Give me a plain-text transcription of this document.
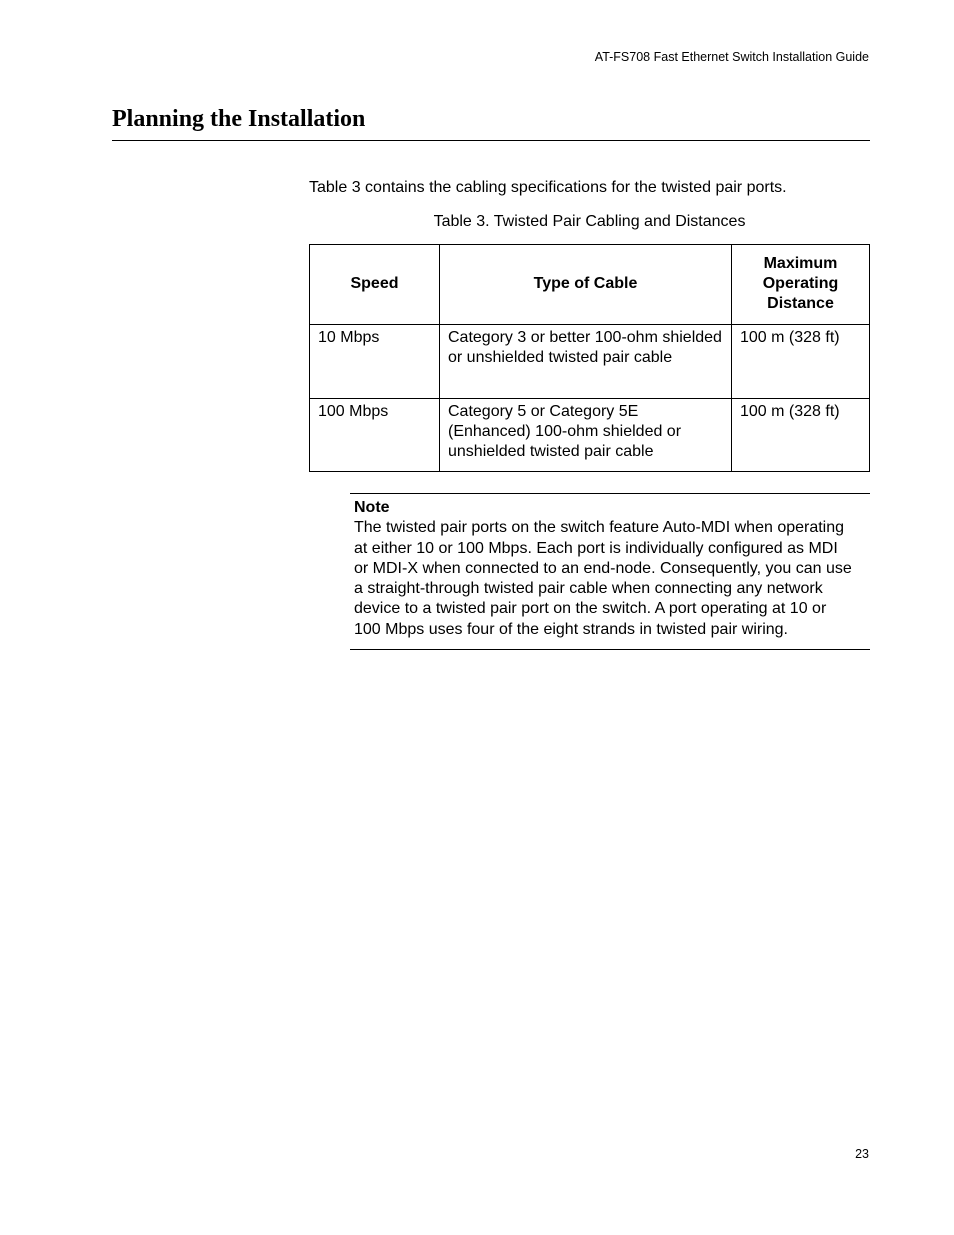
AT-FS708 Fast Ethernet Switch Installation Guide
Planning the Installation

Table 3 contains the cabling specifications for the twisted pair ports.

Table 3. Twisted Pair Cabling and Distances

Speed	Type of Cable	Maximum Operating Distance
10 Mbps	Category 3 or better 100-ohm shielded or unshielded twisted pair cable	100 m (328 ft)
100 Mbps	Category 5 or Category 5E (Enhanced) 100-ohm shielded or unshielded twisted pair cable	100 m (328 ft)

Note

The twisted pair ports on the switch feature Auto-MDI when operating at either 10 or 100 Mbps. Each port is individually configured as MDI or MDI-X when connected to an end-node. Consequently, you can use a straight-through twisted pair cable when connecting any network device to a twisted pair port on the switch. A port operating at 10 or 100 Mbps uses four of the eight strands in twisted pair wiring.

23
